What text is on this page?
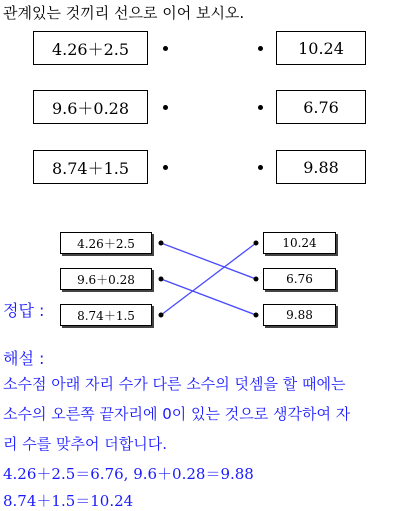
관계있는 것끼리 선으로 이어 보시오.
4.26＋2.5
9.6＋0.28
8.74＋1.5
10.24
6.76
9.88
정답 :
4.26＋2.5
9.6＋0.28
8.74＋1.5
10.24
6.76
9.88
해설 :
소수점 아래 자리 수가 다른 소수의 덧셈을 할 때에는
소수의 오른쪽 끝자리에 0이 있는 것으로 생각하여 자
리 수를 맞추어 더합니다.
4.26＋2.5＝6.76, 9.6＋0.28＝9.88
8.74＋1.5＝10.24
